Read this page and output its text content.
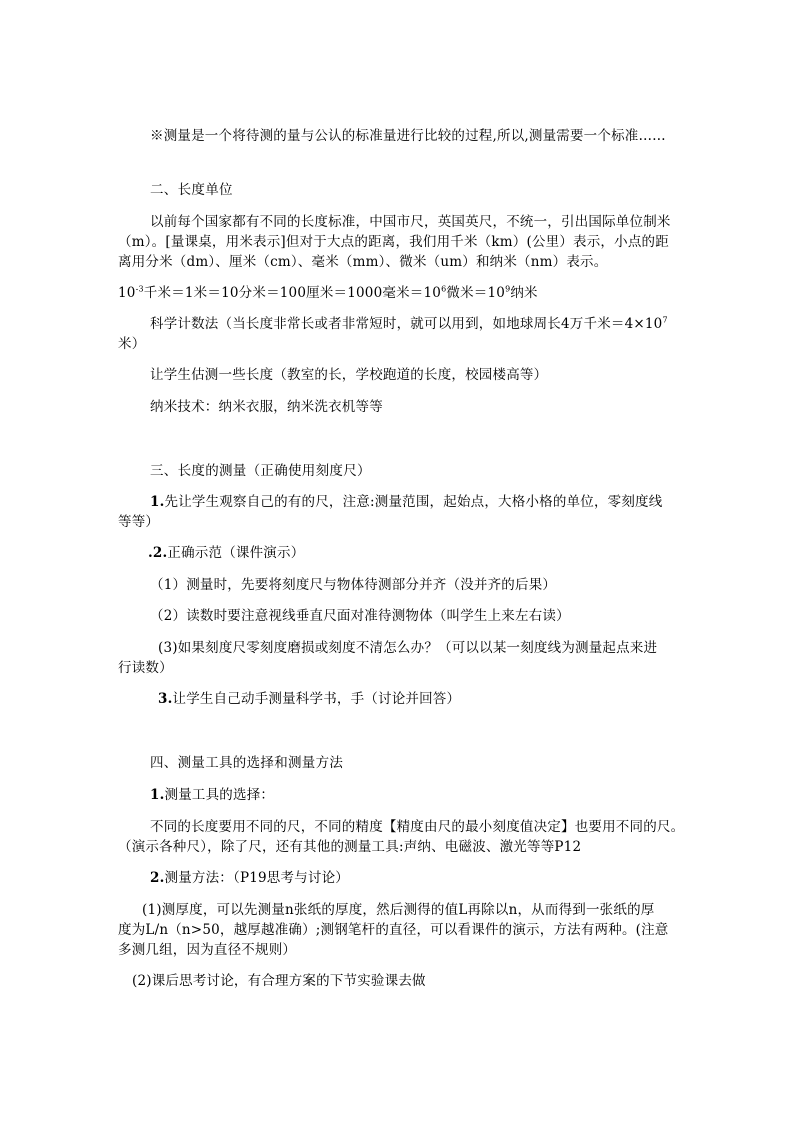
※测量是一个将待测的量与公认的标准量进行比较的过程,所以,测量需要一个标准……
二、长度单位
以前每个国家都有不同的长度标准，中国市尺，英国英尺，不统一，引出国际单位制米
（m）。[量课桌，用米表示]但对于大点的距离，我们用千米（km）(公里）表示，小点的距
离用分米（dm）、厘米（cm）、毫米（mm）、微米（um）和纳米（nm）表示。
$10^{-3}$千米＝1米＝10分米＝100厘米＝1000毫米$=10^6$微米$=10^9$纳米
科学计数法（当长度非常长或者非常短时，就可以用到，如地球周长4万千米$=4\times 10^7$
米）
让学生估测一些长度（教室的长，学校跑道的长度，校园楼高等）
纳米技术：纳米衣服，纳米洗衣机等等
三、长度的测量（正确使用刻度尺）
1.先让学生观察自己的有的尺，注意:测量范围，起始点，大格小格的单位，零刻度线
等等）
.2.正确示范（课件演示）
（1）测量时，先要将刻度尺与物体待测部分并齐（没并齐的后果）
（2）读数时要注意视线垂直尺面对准待测物体（叫学生上来左右读）
(3)如果刻度尺零刻度磨损或刻度不清怎么办？（可以以某一刻度线为测量起点来进
行读数）
3.让学生自己动手测量科学书，手（讨论并回答）
四、测量工具的选择和测量方法
1.测量工具的选择：
不同的长度要用不同的尺，不同的精度【精度由尺的最小刻度值决定】也要用不同的尺。
（演示各种尺），除了尺，还有其他的测量工具:声纳、电磁波、激光等等P12
2.测量方法：（P19思考与讨论）
(1)测厚度，可以先测量n张纸的厚度，然后测得的值L再除以n，从而得到一张纸的厚
度为L/n（n>50，越厚越准确）;测钢笔杆的直径，可以看课件的演示，方法有两种。(注意
多测几组，因为直径不规则）
(2)课后思考讨论，有合理方案的下节实验课去做
